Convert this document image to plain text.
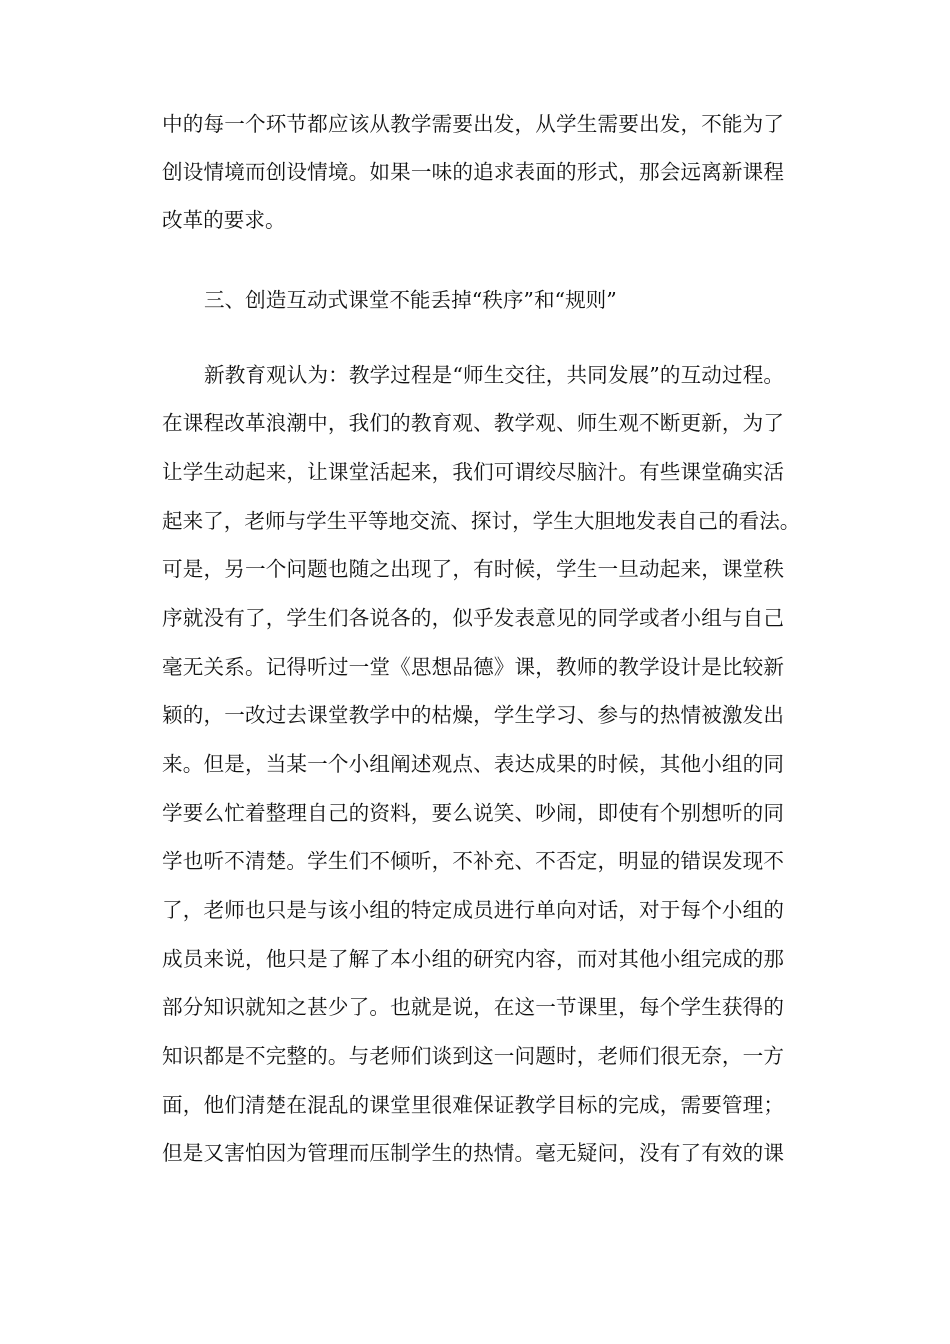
中的每一个环节都应该从教学需要出发，从学生需要出发，不能为了
创设情境而创设情境。如果一味的追求表面的形式，那会远离新课程
改革的要求。
三、创造互动式课堂不能丢掉“秩序”和“规则”
新教育观认为：教学过程是“师生交往，共同发展”的互动过程。
在课程改革浪潮中，我们的教育观、教学观、师生观不断更新，为了
让学生动起来，让课堂活起来，我们可谓绞尽脑汁。有些课堂确实活
起来了，老师与学生平等地交流、探讨，学生大胆地发表自己的看法。
可是，另一个问题也随之出现了，有时候，学生一旦动起来，课堂秩
序就没有了，学生们各说各的，似乎发表意见的同学或者小组与自己
毫无关系。记得听过一堂《思想品德》课，教师的教学设计是比较新
颖的，一改过去课堂教学中的枯燥，学生学习、参与的热情被激发出
来。但是，当某一个小组阐述观点、表达成果的时候，其他小组的同
学要么忙着整理自己的资料，要么说笑、吵闹，即使有个别想听的同
学也听不清楚。学生们不倾听，不补充、不否定，明显的错误发现不
了，老师也只是与该小组的特定成员进行单向对话，对于每个小组的
成员来说，他只是了解了本小组的研究内容，而对其他小组完成的那
部分知识就知之甚少了。也就是说，在这一节课里，每个学生获得的
知识都是不完整的。与老师们谈到这一问题时，老师们很无奈，一方
面，他们清楚在混乱的课堂里很难保证教学目标的完成，需要管理；
但是又害怕因为管理而压制学生的热情。毫无疑问，没有了有效的课
